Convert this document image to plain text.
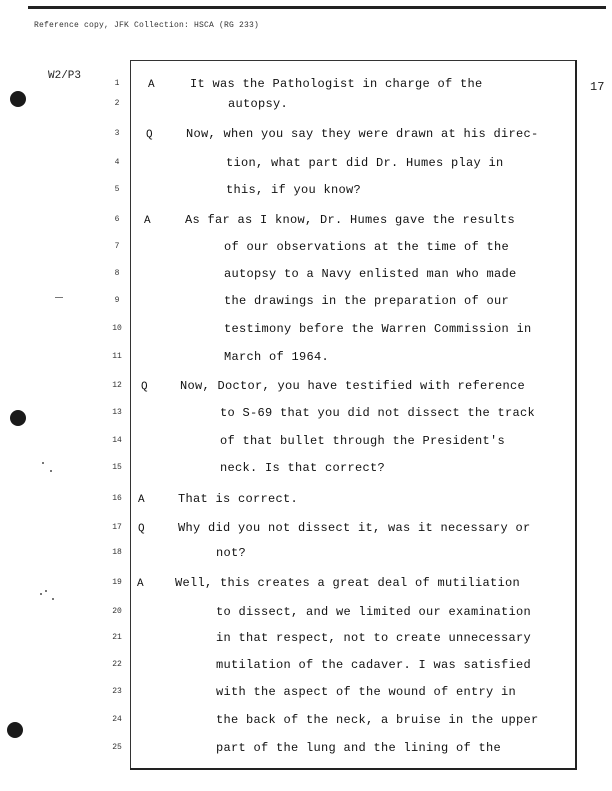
Reference copy, JFK Collection: HSCA (RG 233)
W2/P3
17
1	A	It was the Pathologist in charge of the
2	autopsy.
3	Q	Now, when you say they were drawn at his direc-
4	tion, what part did Dr. Humes play in
5	this, if you know?
6	A	As far as I know, Dr. Humes gave the results
7	of our observations at the time of the
8	autopsy to a Navy enlisted man who made
9	the drawings in the preparation of our
10	testimony before the Warren Commission in
11	March of 1964.
12	Q	Now, Doctor, you have testified with reference
13	to S-69 that you did not dissect the track
14	of that bullet through the President's
15	neck. Is that correct?
16	A	That is correct.
17	Q	Why did you not dissect it, was it necessary or
18	not?
19	A	Well, this creates a great deal of mutiliation
20	to dissect, and we limited our examination
21	in that respect, not to create unnecessary
22	mutilation of the cadaver. I was satisfied
23	with the aspect of the wound of entry in
24	the back of the neck, a bruise in the upper
25	part of the lung and the lining of the
